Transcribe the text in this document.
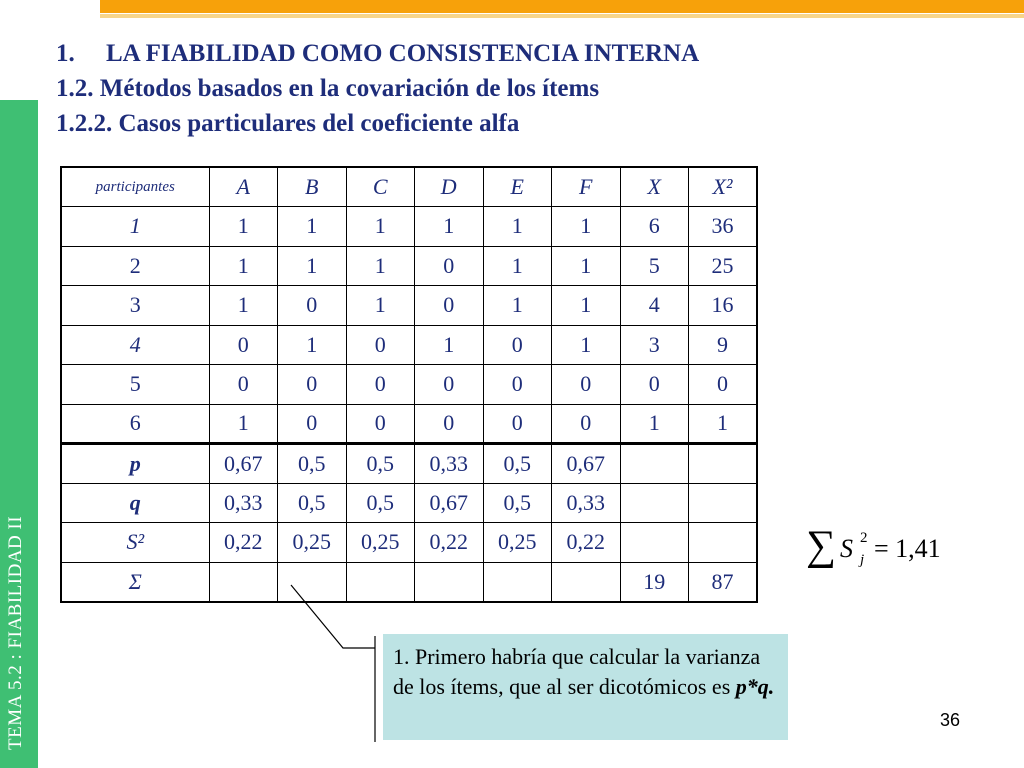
TEMA 5.2 : FIABILIDAD II
1. LA FIABILIDAD COMO CONSISTENCIA INTERNA
1.2. Métodos basados en la covariación de los ítems
1.2.2. Casos particulares del coeficiente alfa
participantes	A	B	C	D	E	F	X	X²
1	1	1	1	1	1	1	6	36
2	1	1	1	0	1	1	5	25
3	1	0	1	0	1	1	4	16
4	0	1	0	1	0	1	3	9
5	0	0	0	0	0	0	0	0
6	1	0	0	0	0	0	1	1
p	0,67	0,5	0,5	0,33	0,5	0,67		
q	0,33	0,5	0,5	0,67	0,5	0,33		
S²	0,22	0,25	0,25	0,22	0,25	0,22		
Σ							19	87
∑ S 2
j = 1,41
1. Primero habría que calcular la varianza de los ítems, que al ser dicotómicos es p*q.
36
